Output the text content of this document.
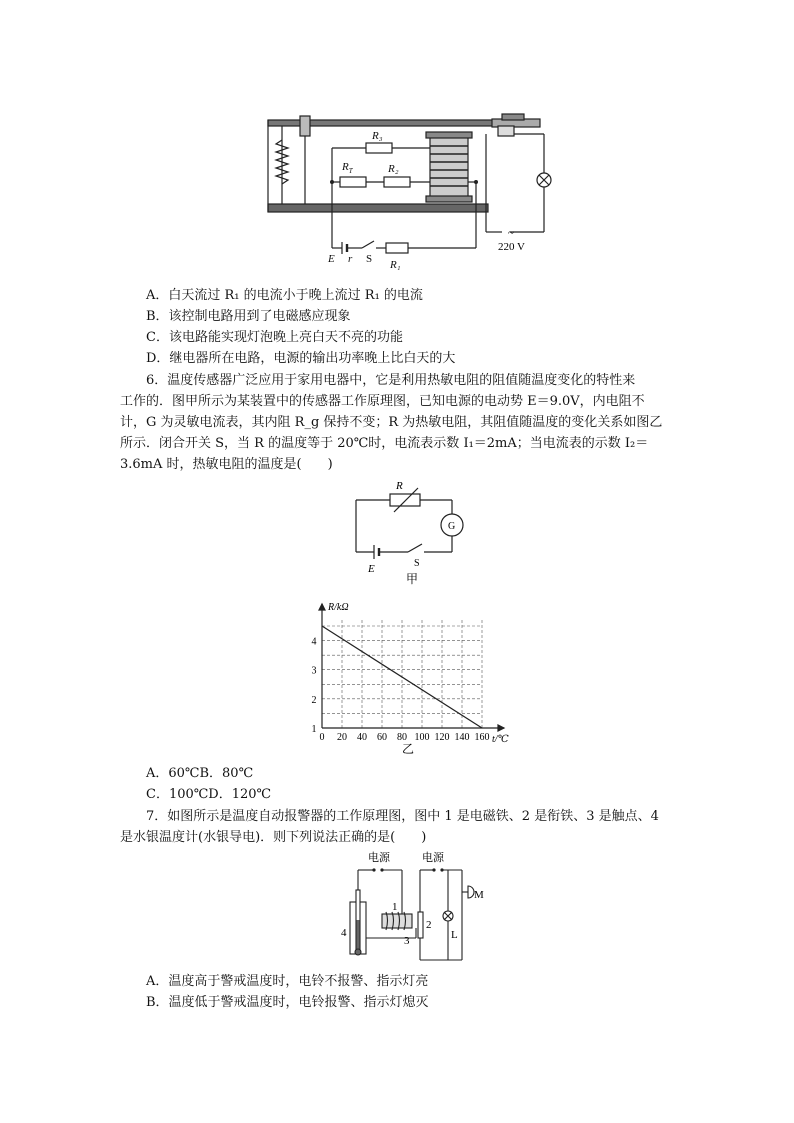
R₃
$R_T$	R₂
E r S R₁
~
220 V
A．白天流过 R₁ 的电流小于晚上流过 R₁ 的电流
B．该控制电路用到了电磁感应现象
C．该电路能实现灯泡晚上亮白天不亮的功能
D．继电器所在电路，电源的输出功率晚上比白天的大
6．温度传感器广泛应用于家用电器中，它是利用热敏电阻的阻值随温度变化的特性来
工作的．图甲所示为某装置中的传感器工作原理图，已知电源的电动势 E＝9.0V，内电阻不
计，G 为灵敏电流表，其内阻 R_g 保持不变；R 为热敏电阻，其阻值随温度的变化关系如图乙
所示．闭合开关 S，当 R 的温度等于 20℃时，电流表示数 I₁＝2mA；当电流表的示数 I₂＝
3.6mA 时，热敏电阻的温度是(　　)
R
G
E	S
甲
0 20 40 60 80 100 120 140 160
1
2
3
4
R/kΩ
t/℃
乙
A．60℃B．80℃
C．100℃D．120℃
7．如图所示是温度自动报警器的工作原理图，图中 1 是电磁铁、2 是衔铁、3 是触点、4
是水银温度计(水银导电)．则下列说法正确的是(　　)
电源	电源
1
2
3
4
M
L
A．温度高于警戒温度时，电铃不报警、指示灯亮
B．温度低于警戒温度时，电铃报警、指示灯熄灭
